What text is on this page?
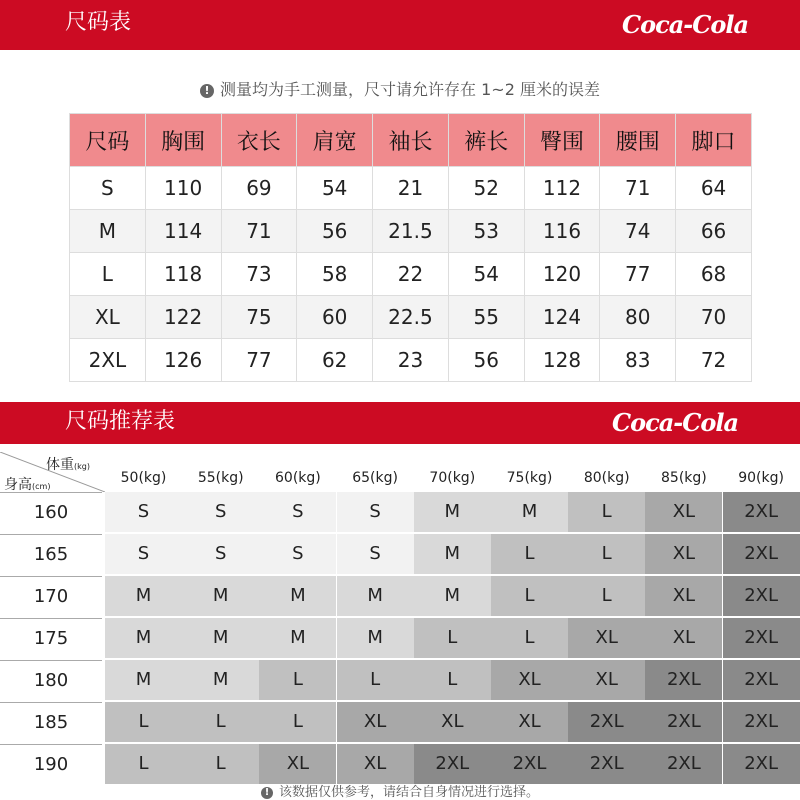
尺码表	Coca-Cola
! 测量均为手工测量，尺寸请允许存在 1~2 厘米的误差
尺码	胸围	衣长	肩宽	袖长	裤长	臀围	腰围	脚口
S	110	69	54	21	52	112	71	64
M	114	71	56	21.5	53	116	74	66
L	118	73	58	22	54	120	77	68
XL	122	75	60	22.5	55	124	80	70
2XL	126	77	62	23	56	128	83	72
尺码推荐表	Coca-Cola
体重(kg)
身高(cm)
50(kg)	55(kg)	60(kg)	65(kg)	70(kg)	75(kg)	80(kg)	85(kg)	90(kg)
160	S	S	S	S	M	M	L	XL	2XL
165	S	S	S	S	M	L	L	XL	2XL
170	M	M	M	M	M	L	L	XL	2XL
175	M	M	M	M	L	L	XL	XL	2XL
180	M	M	L	L	L	XL	XL	2XL	2XL
185	L	L	L	XL	XL	XL	2XL	2XL	2XL
190	L	L	XL	XL	2XL	2XL	2XL	2XL	2XL
! 该数据仅供参考，请结合自身情况进行选择。
